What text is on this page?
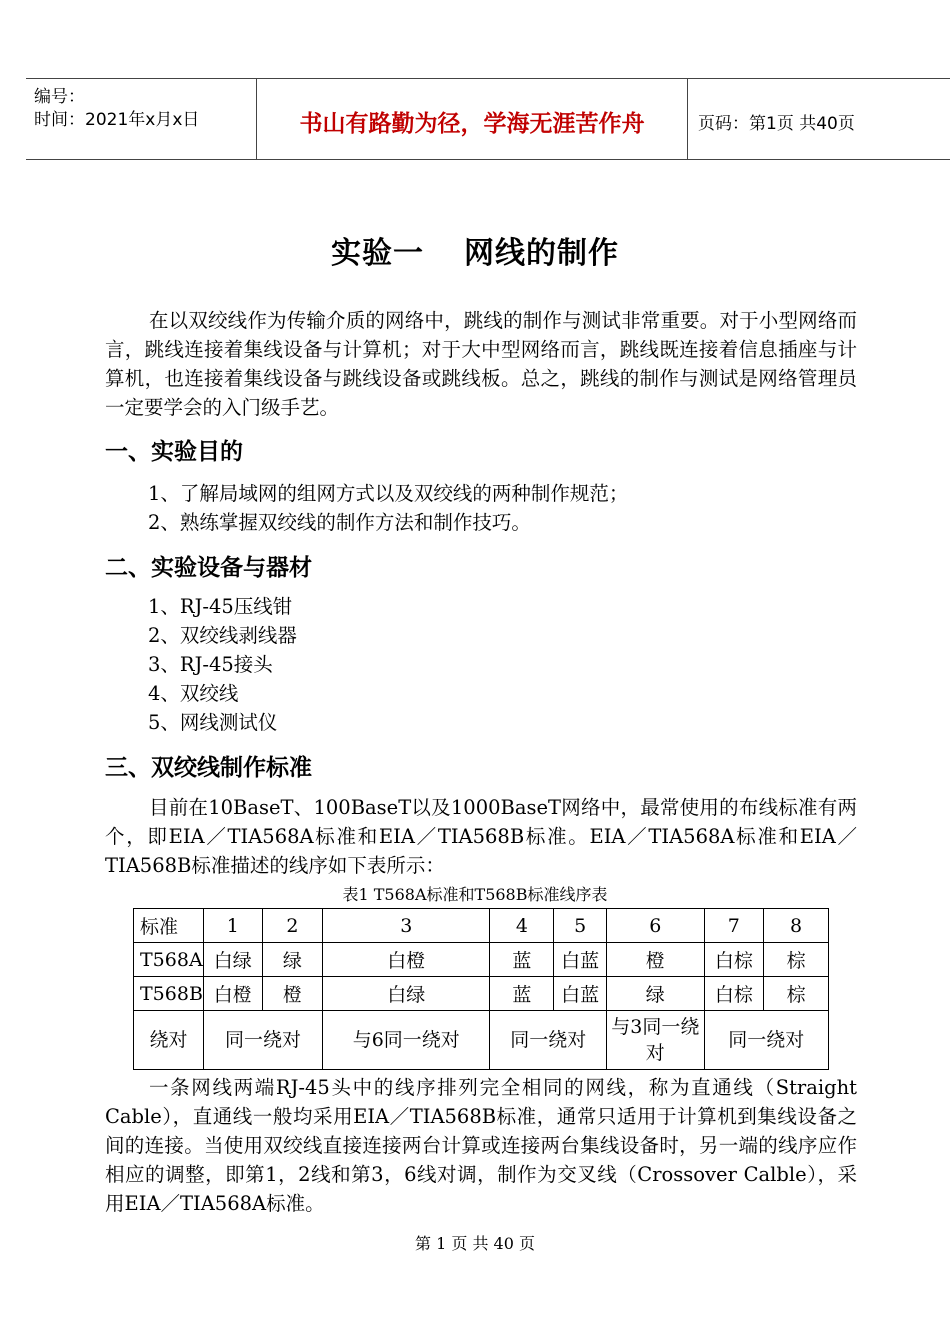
编号：
时间：2021年x月x日	书山有路勤为径，学海无涯苦作舟	页码：第1页 共40页
实验一 网线的制作
在以双绞线作为传输介质的网络中，跳线的制作与测试非常重要。对于小型网络而言，跳线连接着集线设备与计算机；对于大中型网络而言，跳线既连接着信息插座与计算机，也连接着集线设备与跳线设备或跳线板。总之，跳线的制作与测试是网络管理员一定要学会的入门级手艺。
一、实验目的
1、了解局域网的组网方式以及双绞线的两种制作规范；
2、熟练掌握双绞线的制作方法和制作技巧。
二、实验设备与器材
1、RJ-45压线钳
2、双绞线剥线器
3、RJ-45接头
4、双绞线
5、网线测试仪
三、双绞线制作标准
目前在10BaseT、100BaseT以及1000BaseT网络中，最常使用的布线标准有两个，即EIA／TIA568A标准和EIA／TIA568B标准。EIA／TIA568A标准和EIA／TIA568B标准描述的线序如下表所示：
表1 T568A标准和T568B标准线序表
标准	1	2	3	4	5	6	7	8
T568A	白绿	绿	白橙	蓝	白蓝	橙	白棕	棕
T568B	白橙	橙	白绿	蓝	白蓝	绿	白棕	棕
绕对	同一绕对		与6同一绕对	同一绕对		与3同一绕对	同一绕对	
一条网线两端RJ-45头中的线序排列完全相同的网线，称为直通线（Straight Cable），直通线一般均采用EIA／TIA568B标准，通常只适用于计算机到集线设备之间的连接。当使用双绞线直接连接两台计算或连接两台集线设备时，另一端的线序应作相应的调整，即第1，2线和第3，6线对调，制作为交叉线（Crossover Calble），采用EIA／TIA568A标准。
第 1 页 共 40 页
